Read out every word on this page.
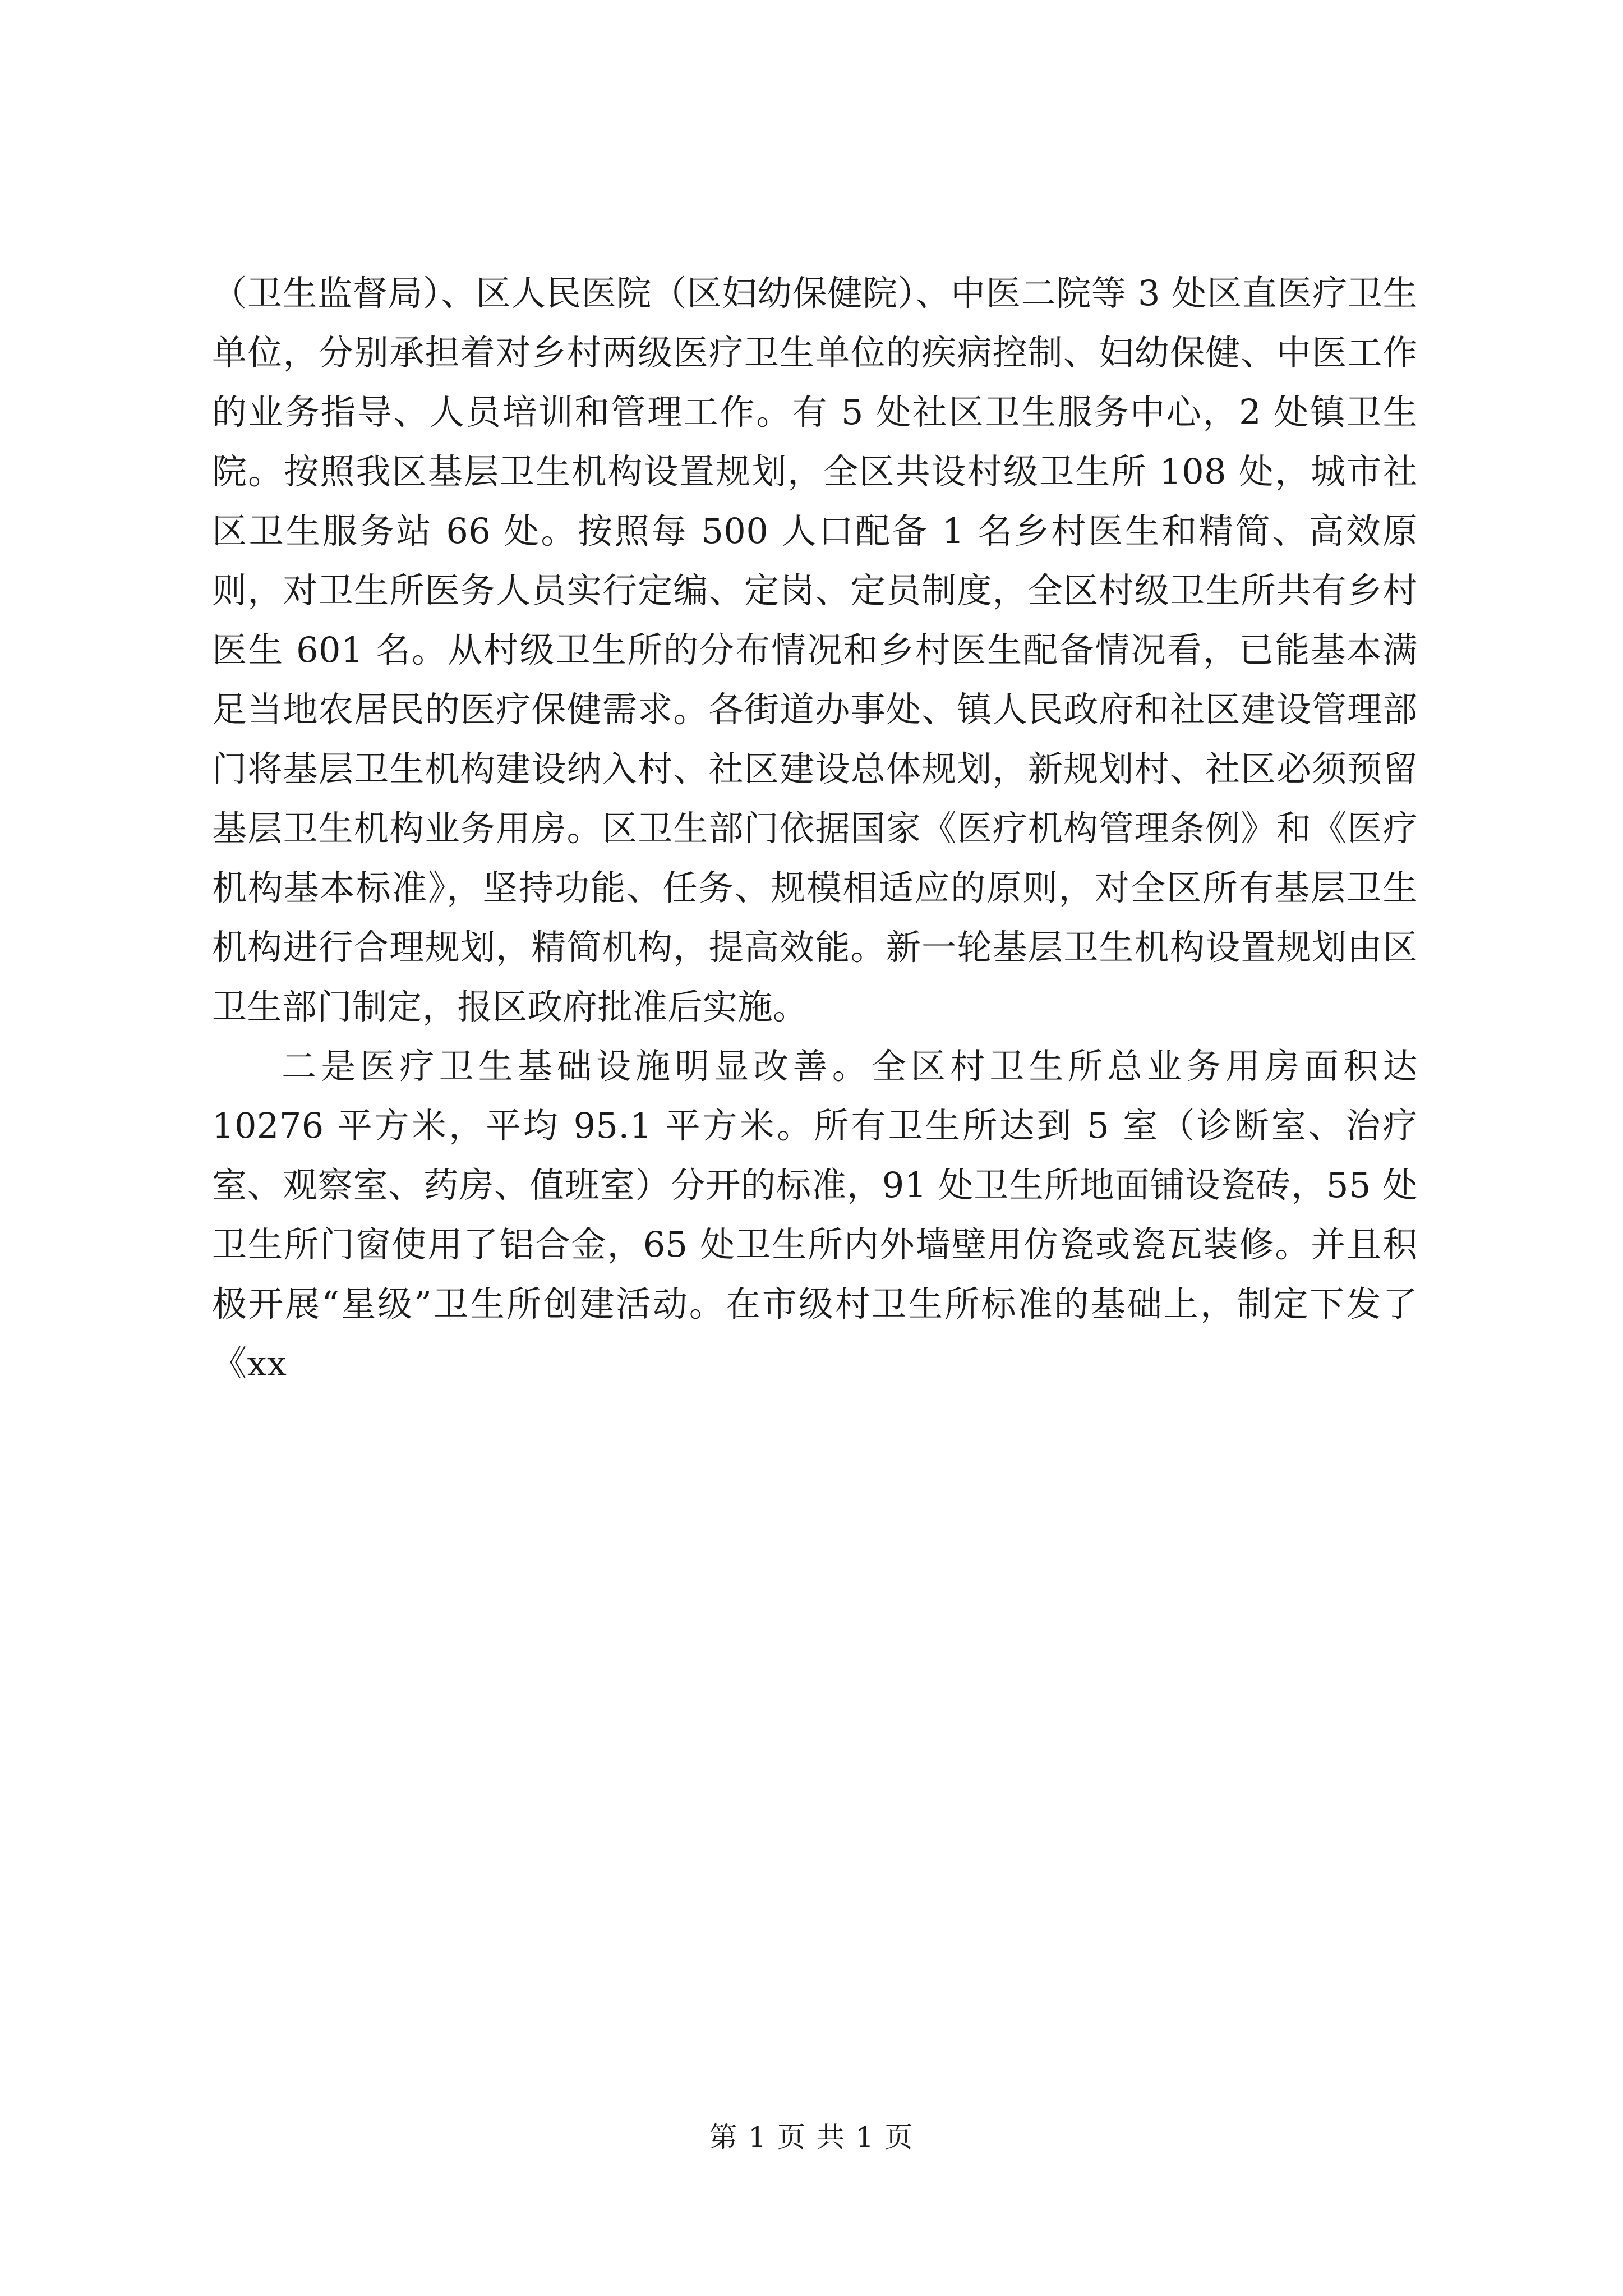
（卫生监督局）、区人民医院（区妇幼保健院）、中医二院等 3 处区直医疗卫生单位，分别承担着对乡村两级医疗卫生单位的疾病控制、妇幼保健、中医工作的业务指导、人员培训和管理工作。有 5 处社区卫生服务中心，2 处镇卫生院。按照我区基层卫生机构设置规划，全区共设村级卫生所 108 处，城市社区卫生服务站 66 处。按照每 500 人口配备 1 名乡村医生和精简、高效原则，对卫生所医务人员实行定编、定岗、定员制度，全区村级卫生所共有乡村医生 601 名。从村级卫生所的分布情况和乡村医生配备情况看，已能基本满足当地农居民的医疗保健需求。各街道办事处、镇人民政府和社区建设管理部门将基层卫生机构建设纳入村、社区建设总体规划，新规划村、社区必须预留基层卫生机构业务用房。区卫生部门依据国家《医疗机构管理条例》和《医疗机构基本标准》，坚持功能、任务、规模相适应的原则，对全区所有基层卫生机构进行合理规划，精简机构，提高效能。新一轮基层卫生机构设置规划由区卫生部门制定，报区政府批准后实施。

二是医疗卫生基础设施明显改善。全区村卫生所总业务用房面积达 10276 平方米，平均 95.1 平方米。所有卫生所达到 5 室（诊断室、治疗室、观察室、药房、值班室）分开的标准，91 处卫生所地面铺设瓷砖，55 处卫生所门窗使用了铝合金，65 处卫生所内外墙壁用仿瓷或瓷瓦装修。并且积极开展“星级”卫生所创建活动。在市级村卫生所标准的基础上，制定下发了《xx

第 1 页 共 1 页
